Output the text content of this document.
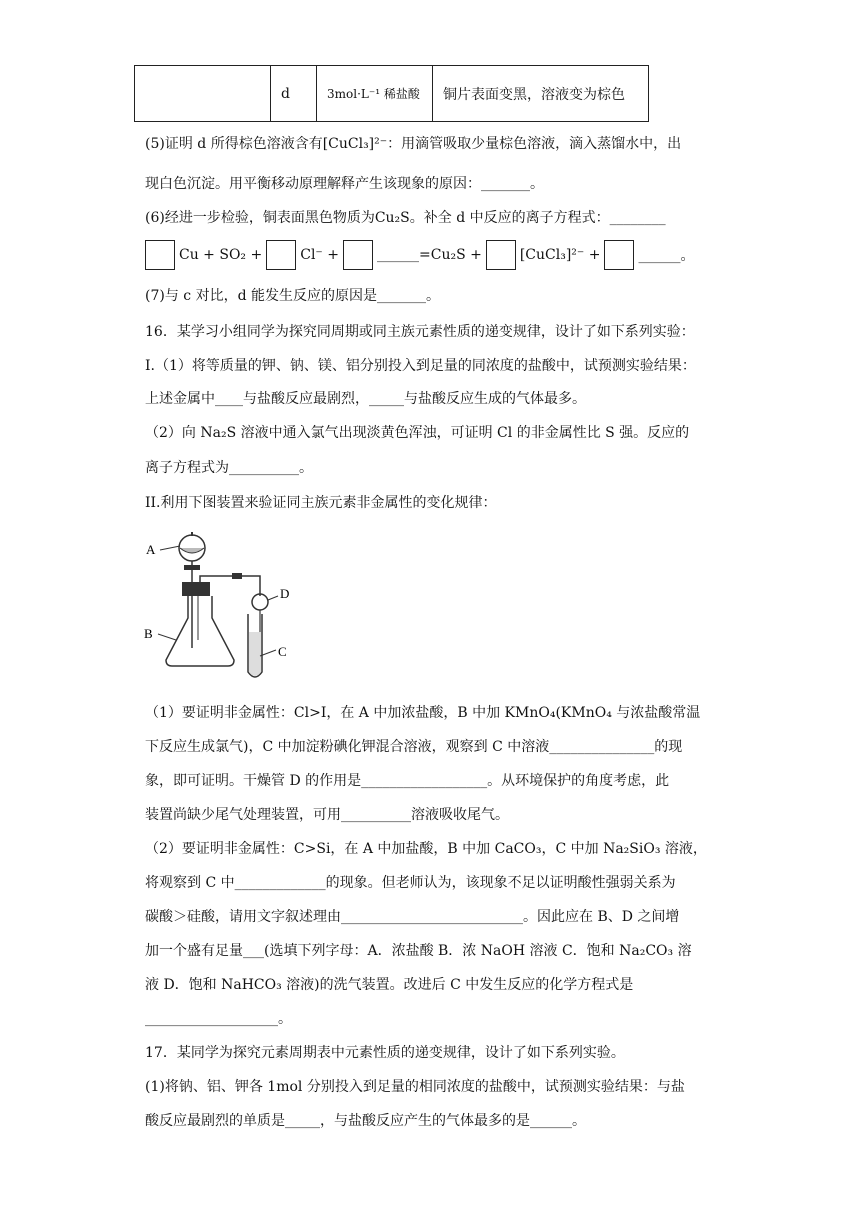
	d	3mol·L⁻¹ 稀盐酸	铜片表面变黑，溶液变为棕色
(5)证明 d 所得棕色溶液含有[CuCl₃]²⁻：用滴管吸取少量棕色溶液，滴入蒸馏水中，出
现白色沉淀。用平衡移动原理解释产生该现象的原因：_______。
(6)经进一步检验，铜表面黑色物质为Cu₂S。补全 d 中反应的离子方程式：________
Cu + SO₂ +	Cl⁻ +	______=Cu₂S +	[CuCl₃]²⁻ +	______。
(7)与 c 对比，d 能发生反应的原因是_______。
16．某学习小组同学为探究同周期或同主族元素性质的递变规律，设计了如下系列实验：
I.（1）将等质量的钾、钠、镁、铝分别投入到足量的同浓度的盐酸中，试预测实验结果：
上述金属中____与盐酸反应最剧烈，_____与盐酸反应生成的气体最多。
（2）向 Na₂S 溶液中通入氯气出现淡黄色浑浊，可证明 Cl 的非金属性比 S 强。反应的
离子方程式为__________。
II.利用下图装置来验证同主族元素非金属性的变化规律：
A
B
D
C
（1）要证明非金属性：Cl>I，在 A 中加浓盐酸，B 中加 KMnO₄(KMnO₄ 与浓盐酸常温
下反应生成氯气)，C 中加淀粉碘化钾混合溶液，观察到 C 中溶液_______________的现
象，即可证明。干燥管 D 的作用是__________________。从环境保护的角度考虑，此
装置尚缺少尾气处理装置，可用__________溶液吸收尾气。
（2）要证明非金属性：C>Si，在 A 中加盐酸，B 中加 CaCO₃，C 中加 Na₂SiO₃ 溶液，
将观察到 C 中_____________的现象。但老师认为，该现象不足以证明酸性强弱关系为
碳酸＞硅酸，请用文字叙述理由__________________________。因此应在 B、D 之间增
加一个盛有足量___(选填下列字母：A．浓盐酸 B．浓 NaOH 溶液 C．饱和 Na₂CO₃ 溶
液 D．饱和 NaHCO₃ 溶液)的洗气装置。改进后 C 中发生反应的化学方程式是
___________________。
17．某同学为探究元素周期表中元素性质的递变规律，设计了如下系列实验。
(1)将钠、铝、钾各 1mol 分别投入到足量的相同浓度的盐酸中，试预测实验结果：与盐
酸反应最剧烈的单质是_____，与盐酸反应产生的气体最多的是______。
